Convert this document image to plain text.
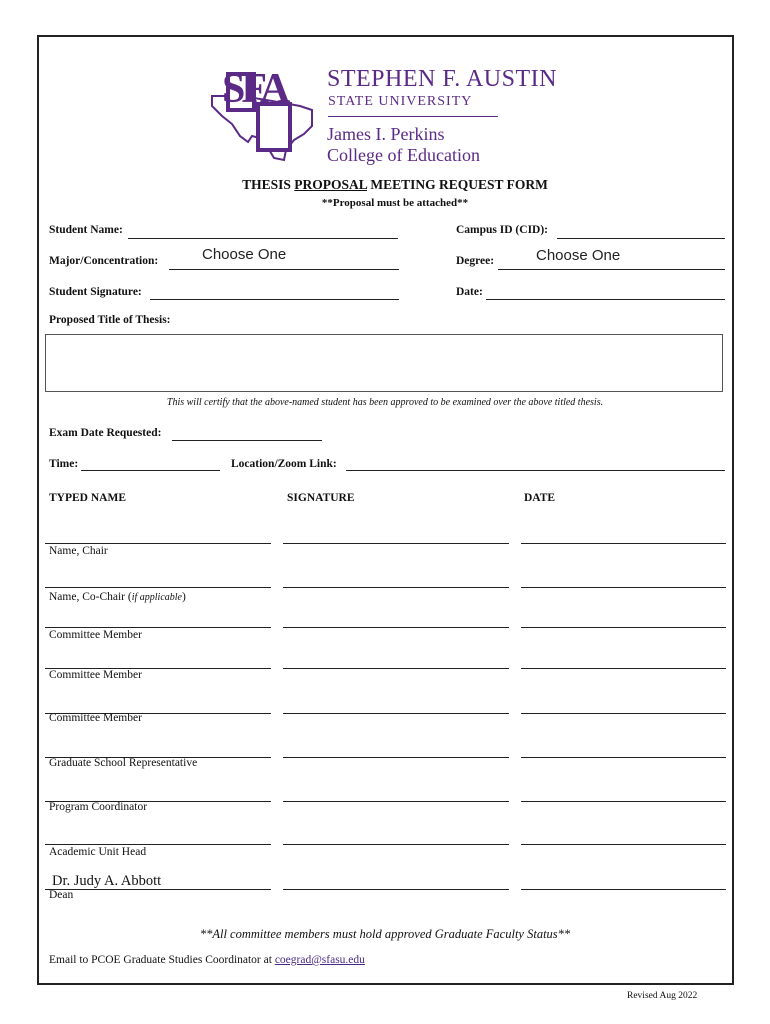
SFA STEPHEN F. AUSTIN
STATE UNIVERSITY
James I. Perkins
College of Education
THESIS PROPOSAL MEETING REQUEST FORM
**Proposal must be attached**
Student Name:	Campus ID (CID):
Major/Concentration:	Choose One	Degree:	Choose One
Student Signature:	Date:
Proposed Title of Thesis:
This will certify that the above-named student has been approved to be examined over the above titled thesis.
Exam Date Requested:
Time:	Location/Zoom Link:
TYPED NAME	SIGNATURE	DATE
Name, Chair
Name, Co-Chair (if applicable)
Committee Member
Committee Member
Committee Member
Graduate School Representative
Program Coordinator
Academic Unit Head
Dr. Judy A. Abbott
Dean
**All committee members must hold approved Graduate Faculty Status**
Email to PCOE Graduate Studies Coordinator at coegrad@sfasu.edu
Revised Aug 2022
